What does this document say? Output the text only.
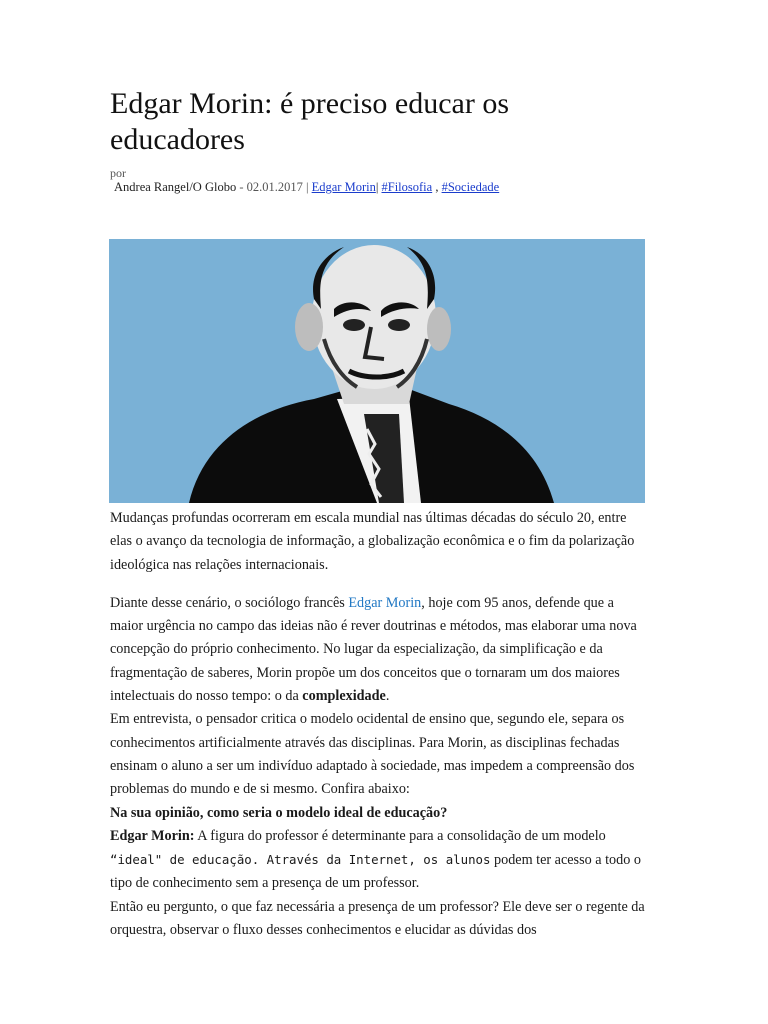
Edgar Morin: é preciso educar os educadores
por
Andrea Rangel/O Globo - 02.01.2017 | Edgar Morin| #Filosofia , #Sociedade

Mudanças profundas ocorreram em escala mundial nas últimas décadas do século 20, entre elas o avanço da tecnologia de informação, a globalização econômica e o fim da polarização ideológica nas relações internacionais.

Diante desse cenário, o sociólogo francês Edgar Morin, hoje com 95 anos, defende que a maior urgência no campo das ideias não é rever doutrinas e métodos, mas elaborar uma nova concepção do próprio conhecimento. No lugar da especialização, da simplificação e da fragmentação de saberes, Morin propõe um dos conceitos que o tornaram um dos maiores intelectuais do nosso tempo: o da complexidade.

Em entrevista, o pensador critica o modelo ocidental de ensino que, segundo ele, separa os conhecimentos artificialmente através das disciplinas. Para Morin, as disciplinas fechadas ensinam o aluno a ser um indivíduo adaptado à sociedade, mas impedem a compreensão dos problemas do mundo e de si mesmo. Confira abaixo:

Na sua opinião, como seria o modelo ideal de educação?

Edgar Morin: A figura do professor é determinante para a consolidação de um modelo “ideal" de educação. Através da Internet, os alunos podem ter acesso a todo o tipo de conhecimento sem a presença de um professor.

Então eu pergunto, o que faz necessária a presença de um professor? Ele deve ser o regente da orquestra, observar o fluxo desses conhecimentos e elucidar as dúvidas dos
